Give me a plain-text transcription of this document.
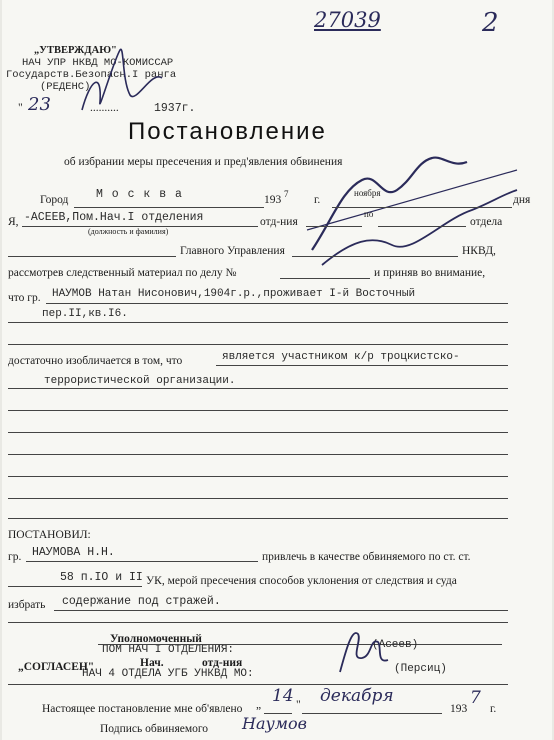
27039	2
„УТВЕРЖДАЮ"
НАЧ УПР НКВД МО-КОМИССАР
Государств.Безопасн.I ранга
(РЕДЕНС)
" 23	..........	1937г.
Постановление
об избрании меры пресечения и пред'явления обвинения
Город М о с к в а	193 7 г.
ноября
дня
Я, -АСЕЕВ,Пом.Нач.I отделения
(должность и фамилия)
отд-ния
по
отдела
Главного Управления	НКВД,
рассмотрев следственный материал по делу №	и приняв во внимание,
что гр. НАУМОВ Натан Нисонович,1904г.р.,проживает I-й Восточный
пер.II,кв.I6.
достаточно изобличается в том, что	является участником к/р троцкистско-
террористической организации.
ПОСТАНОВИЛ:
гр. НАУМОВА Н.Н.	привлечь в качестве обвиняемого по ст. ст.
58 п.IO и II УК, мерой пресечения способов уклонения от следствия и суда
избрать содержание под стражей.
Уполномоченный
ПОМ НАЧ I ОТДЕЛЕНИЯ:	(Асеев)
„СОГЛАСЕН"	Нач.	отд-ния
НАЧ 4 ОТДЕЛА УГБ УНКВД МО:	(Персиц)
Настоящее постановление мне об'явлено „ 14 " декабря
193
7
г.
Подпись обвиняемого Наумов
